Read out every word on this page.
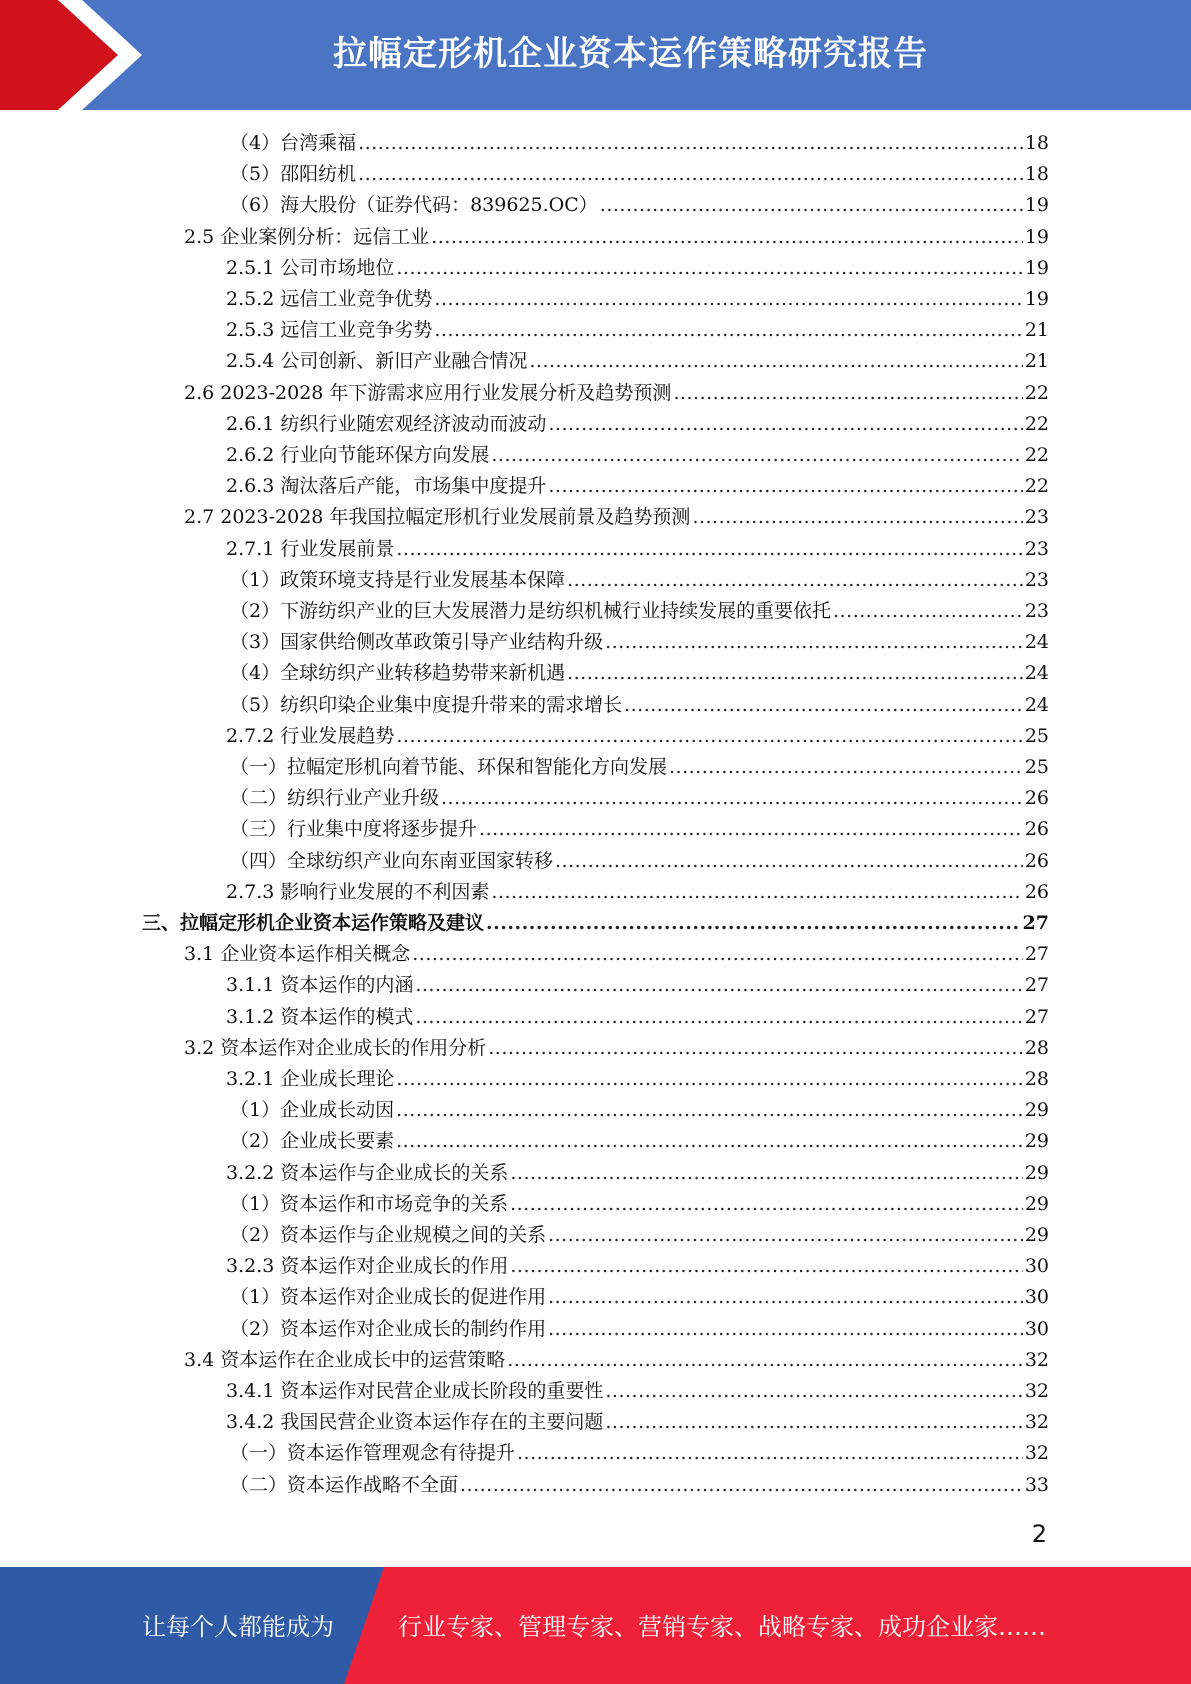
拉幅定形机企业资本运作策略研究报告
（4）台湾乘福 .....	18
（5）邵阳纺机 .....	18
（6）海大股份（证券代码：839625.OC） .....	19
2.5 企业案例分析：远信工业 .....	19
2.5.1 公司市场地位 .....	19
2.5.2 远信工业竞争优势 .....	19
2.5.3 远信工业竞争劣势 .....	21
2.5.4 公司创新、新旧产业融合情况 .....	21
2.6 2023-2028 年下游需求应用行业发展分析及趋势预测 .....	22
2.6.1 纺织行业随宏观经济波动而波动 .....	22
2.6.2 行业向节能环保方向发展 .....	22
2.6.3 淘汰落后产能，市场集中度提升 .....	22
2.7 2023-2028 年我国拉幅定形机行业发展前景及趋势预测 .....	23
2.7.1 行业发展前景 .....	23
（1）政策环境支持是行业发展基本保障 .....	23
（2）下游纺织产业的巨大发展潜力是纺织机械行业持续发展的重要依托 .....	23
（3）国家供给侧改革政策引导产业结构升级 .....	24
（4）全球纺织产业转移趋势带来新机遇 .....	24
（5）纺织印染企业集中度提升带来的需求增长 .....	24
2.7.2 行业发展趋势 .....	25
（一）拉幅定形机向着节能、环保和智能化方向发展 .....	25
（二）纺织行业产业升级 .....	26
（三）行业集中度将逐步提升 .....	26
（四）全球纺织产业向东南亚国家转移 .....	26
2.7.3 影响行业发展的不利因素 .....	26
三、拉幅定形机企业资本运作策略及建议 .....	27
3.1 企业资本运作相关概念 .....	27
3.1.1 资本运作的内涵 .....	27
3.1.2 资本运作的模式 .....	27
3.2 资本运作对企业成长的作用分析 .....	28
3.2.1 企业成长理论 .....	28
（1）企业成长动因 .....	29
（2）企业成长要素 .....	29
3.2.2 资本运作与企业成长的关系 .....	29
（1）资本运作和市场竞争的关系 .....	29
（2）资本运作与企业规模之间的关系 .....	29
3.2.3 资本运作对企业成长的作用 .....	30
（1）资本运作对企业成长的促进作用 .....	30
（2）资本运作对企业成长的制约作用 .....	30
3.4 资本运作在企业成长中的运营策略 .....	32
3.4.1 资本运作对民营企业成长阶段的重要性 .....	32
3.4.2 我国民营企业资本运作存在的主要问题 .....	32
（一）资本运作管理观念有待提升 .....	32
（二）资本运作战略不全面 .....	33
2
让每个人都能成为	行业专家、管理专家、营销专家、战略专家、成功企业家……
